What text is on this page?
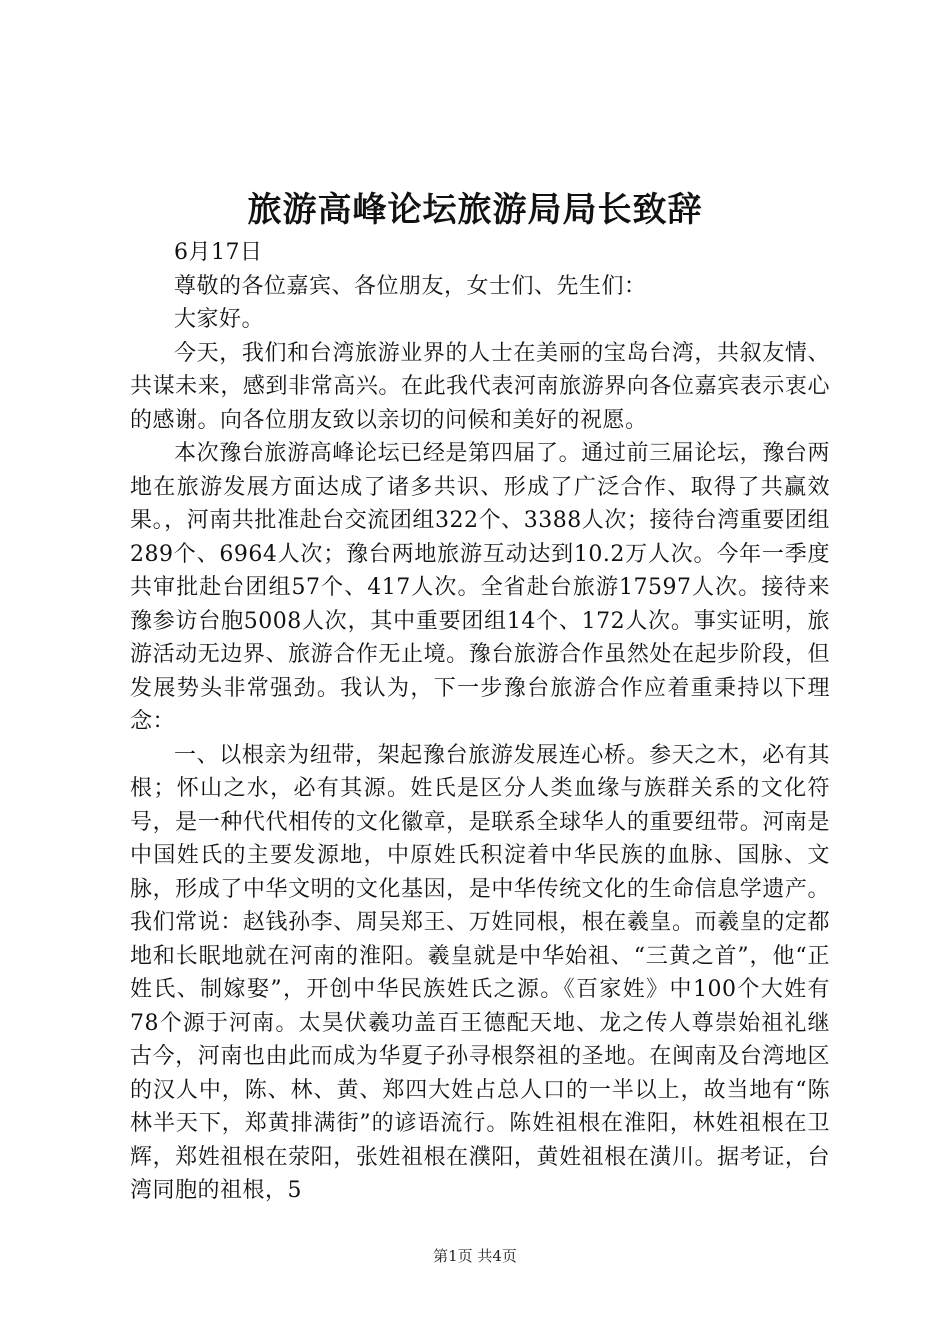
旅游高峰论坛旅游局局长致辞

6月17日

尊敬的各位嘉宾、各位朋友，女士们、先生们：

大家好。

今天，我们和台湾旅游业界的人士在美丽的宝岛台湾，共叙友情、共谋未来，感到非常高兴。在此我代表河南旅游界向各位嘉宾表示衷心的感谢。向各位朋友致以亲切的问候和美好的祝愿。

本次豫台旅游高峰论坛已经是第四届了。通过前三届论坛，豫台两地在旅游发展方面达成了诸多共识、形成了广泛合作、取得了共赢效果。，河南共批准赴台交流团组322个、3388人次；接待台湾重要团组289个、6964人次；豫台两地旅游互动达到10.2万人次。今年一季度共审批赴台团组57个、417人次。全省赴台旅游17597人次。接待来豫参访台胞5008人次，其中重要团组14个、172人次。事实证明，旅游活动无边界、旅游合作无止境。豫台旅游合作虽然处在起步阶段，但发展势头非常强劲。我认为，下一步豫台旅游合作应着重秉持以下理念：

一、以根亲为纽带，架起豫台旅游发展连心桥。参天之木，必有其根；怀山之水，必有其源。姓氏是区分人类血缘与族群关系的文化符号，是一种代代相传的文化徽章，是联系全球华人的重要纽带。河南是中国姓氏的主要发源地，中原姓氏积淀着中华民族的血脉、国脉、文脉，形成了中华文明的文化基因，是中华传统文化的生命信息学遗产。我们常说：赵钱孙李、周吴郑王、万姓同根，根在羲皇。而羲皇的定都地和长眠地就在河南的淮阳。羲皇就是中华始祖、“三黄之首”，他“正姓氏、制嫁娶”，开创中华民族姓氏之源。《百家姓》中100个大姓有78个源于河南。太昊伏羲功盖百王德配天地、龙之传人尊崇始祖礼继古今，河南也由此而成为华夏子孙寻根祭祖的圣地。在闽南及台湾地区的汉人中，陈、林、黄、郑四大姓占总人口的一半以上，故当地有“陈林半天下，郑黄排满街”的谚语流行。陈姓祖根在淮阳，林姓祖根在卫辉，郑姓祖根在荥阳，张姓祖根在濮阳，黄姓祖根在潢川。据考证，台湾同胞的祖根，5

第1页 共4页
